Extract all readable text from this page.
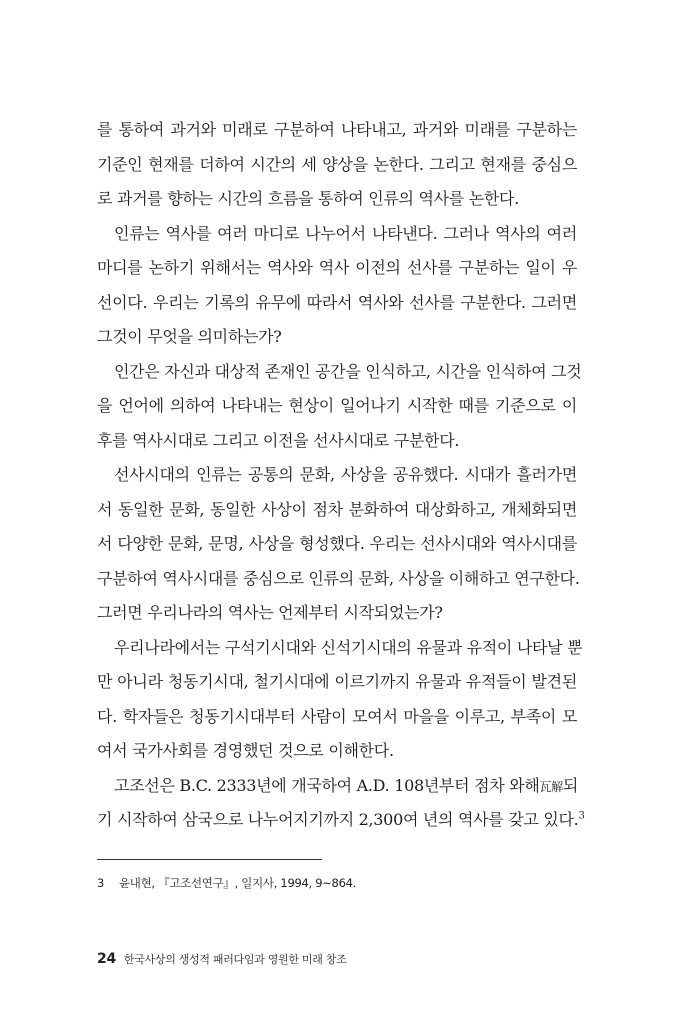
를 통하여 과거와 미래로 구분하여 나타내고, 과거와 미래를 구분하는
기준인 현재를 더하여 시간의 세 양상을 논한다. 그리고 현재를 중심으
로 과거를 향하는 시간의 흐름을 통하여 인류의 역사를 논한다.
인류는 역사를 여러 마디로 나누어서 나타낸다. 그러나 역사의 여러
마디를 논하기 위해서는 역사와 역사 이전의 선사를 구분하는 일이 우
선이다. 우리는 기록의 유무에 따라서 역사와 선사를 구분한다. 그러면
그것이 무엇을 의미하는가?
인간은 자신과 대상적 존재인 공간을 인식하고, 시간을 인식하여 그것
을 언어에 의하여 나타내는 현상이 일어나기 시작한 때를 기준으로 이
후를 역사시대로 그리고 이전을 선사시대로 구분한다.
선사시대의 인류는 공통의 문화, 사상을 공유했다. 시대가 흘러가면
서 동일한 문화, 동일한 사상이 점차 분화하여 대상화하고, 개체화되면
서 다양한 문화, 문명, 사상을 형성했다. 우리는 선사시대와 역사시대를
구분하여 역사시대를 중심으로 인류의 문화, 사상을 이해하고 연구한다.
그러면 우리나라의 역사는 언제부터 시작되었는가?
우리나라에서는 구석기시대와 신석기시대의 유물과 유적이 나타날 뿐
만 아니라 청동기시대, 철기시대에 이르기까지 유물과 유적들이 발견된
다. 학자들은 청동기시대부터 사람이 모여서 마을을 이루고, 부족이 모
여서 국가사회를 경영했던 것으로 이해한다.
고조선은 B.C. 2333년에 개국하여 A.D. 108년부터 점차 와해瓦解되
기 시작하여 삼국으로 나누어지기까지 2,300여 년의 역사를 갖고 있다.$^3$
3 윤내현, 『고조선연구』, 일지사, 1994, 9~864.
24 한국사상의 생성적 패러다임과 영원한 미래 창조
